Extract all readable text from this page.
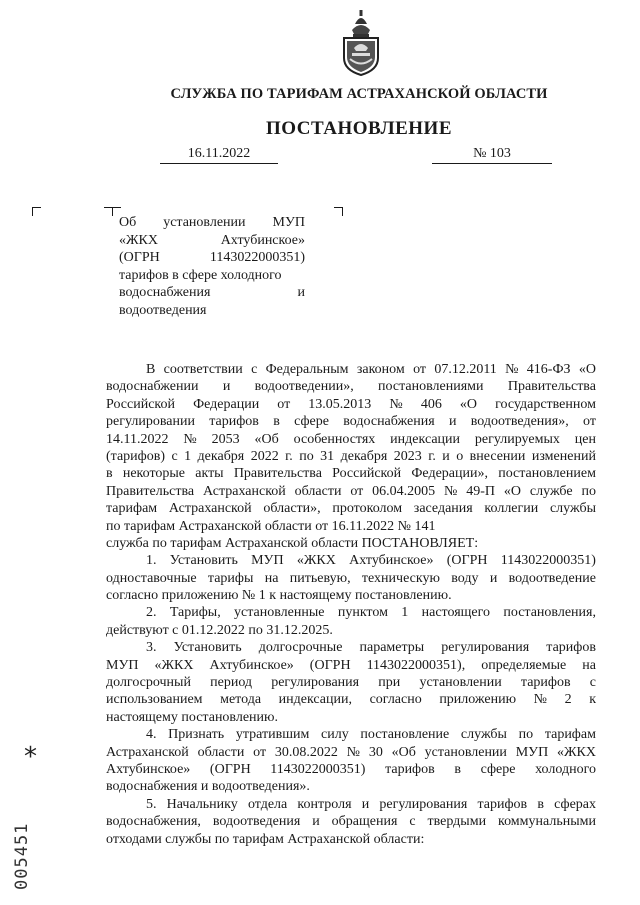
СЛУЖБА ПО ТАРИФАМ АСТРАХАНСКОЙ ОБЛАСТИ
ПОСТАНОВЛЕНИЕ
16.11.2022	№ 103
Об установлении МУП
«ЖКХ	Ахтубинское»
(ОГРН	1143022000351)
тарифов в сфере холодного
водоснабжения	и
водоотведения
В соответствии с Федеральным законом от 07.12.2011 № 416-ФЗ «О
водоснабжении и водоотведении», постановлениями Правительства
Российской Федерации от 13.05.2013 № 406 «О государственном
регулировании тарифов в сфере водоснабжения и водоотведения», от
14.11.2022 № 2053 «Об особенностях индексации регулируемых цен
(тарифов) с 1 декабря 2022 г. по 31 декабря 2023 г. и о внесении изменений
в некоторые акты Правительства Российской Федерации», постановлением
Правительства Астраханской области от 06.04.2005 № 49-П «О службе по
тарифам Астраханской области», протоколом заседания коллегии службы
по тарифам Астраханской области от 16.11.2022 № 141
служба по тарифам Астраханской области ПОСТАНОВЛЯЕТ:
1. Установить МУП «ЖКХ Ахтубинское» (ОГРН 1143022000351)
одноставочные тарифы на питьевую, техническую воду и водоотведение
согласно приложению № 1 к настоящему постановлению.
2. Тарифы, установленные пунктом 1 настоящего постановления,
действуют с 01.12.2022 по 31.12.2025.
3. Установить долгосрочные параметры регулирования тарифов
МУП «ЖКХ Ахтубинское» (ОГРН 1143022000351), определяемые на
долгосрочный период регулирования при установлении тарифов с
использованием метода индексации, согласно приложению № 2 к
настоящему постановлению.
4. Признать утратившим силу постановление службы по тарифам
Астраханской области от 30.08.2022 № 30 «Об установлении МУП «ЖКХ
Ахтубинское» (ОГРН 1143022000351) тарифов в сфере холодного
водоснабжения и водоотведения».
5. Начальнику отдела контроля и регулирования тарифов в сферах
водоснабжения, водоотведения и обращения с твердыми коммунальными
отходами службы по тарифам Астраханской области:
*
005451
